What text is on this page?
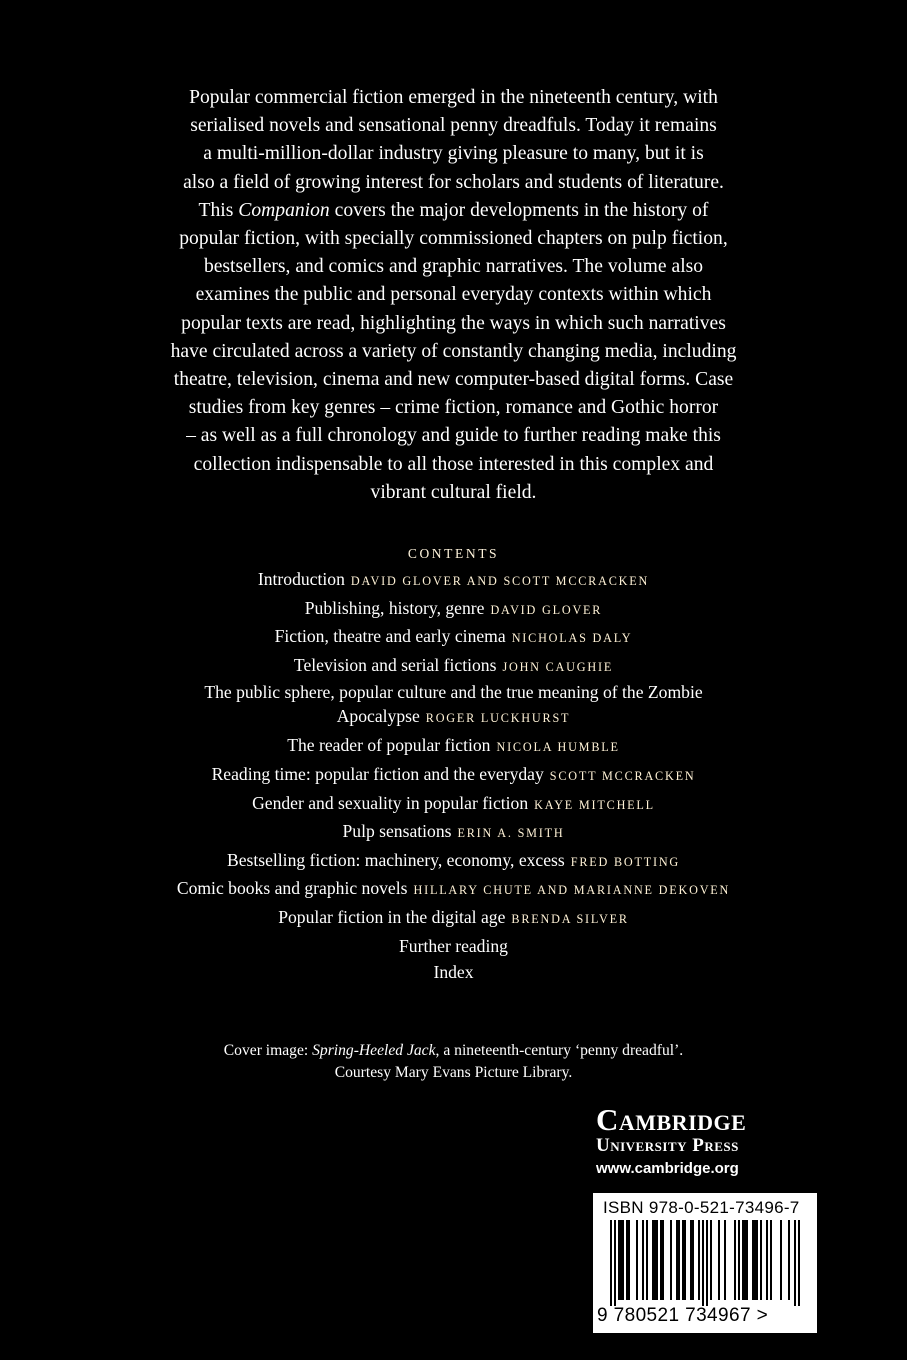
Popular commercial fiction emerged in the nineteenth century, with
serialised novels and sensational penny dreadfuls. Today it remains
a multi-million-dollar industry giving pleasure to many, but it is
also a field of growing interest for scholars and students of literature.
This Companion covers the major developments in the history of
popular fiction, with specially commissioned chapters on pulp fiction,
bestsellers, and comics and graphic narratives. The volume also
examines the public and personal everyday contexts within which
popular texts are read, highlighting the ways in which such narratives
have circulated across a variety of constantly changing media, including
theatre, television, cinema and new computer-based digital forms. Case
studies from key genres – crime fiction, romance and Gothic horror
– as well as a full chronology and guide to further reading make this
collection indispensable to all those interested in this complex and
vibrant cultural field.
CONTENTS
Introduction DAVID GLOVER AND SCOTT MCCRACKEN
Publishing, history, genre DAVID GLOVER
Fiction, theatre and early cinema NICHOLAS DALY
Television and serial fictions JOHN CAUGHIE
The public sphere, popular culture and the true meaning of the Zombie
Apocalypse ROGER LUCKHURST
The reader of popular fiction NICOLA HUMBLE
Reading time: popular fiction and the everyday SCOTT MCCRACKEN
Gender and sexuality in popular fiction KAYE MITCHELL
Pulp sensations ERIN A. SMITH
Bestselling fiction: machinery, economy, excess FRED BOTTING
Comic books and graphic novels HILLARY CHUTE AND MARIANNE DEKOVEN
Popular fiction in the digital age BRENDA SILVER
Further reading
Index
Cover image: Spring-Heeled Jack, a nineteenth-century ‘penny dreadful’.
Courtesy Mary Evans Picture Library.
Cambridge
University Press
www.cambridge.org
ISBN 978-0-521-73496-7
9 780521 734967 >
